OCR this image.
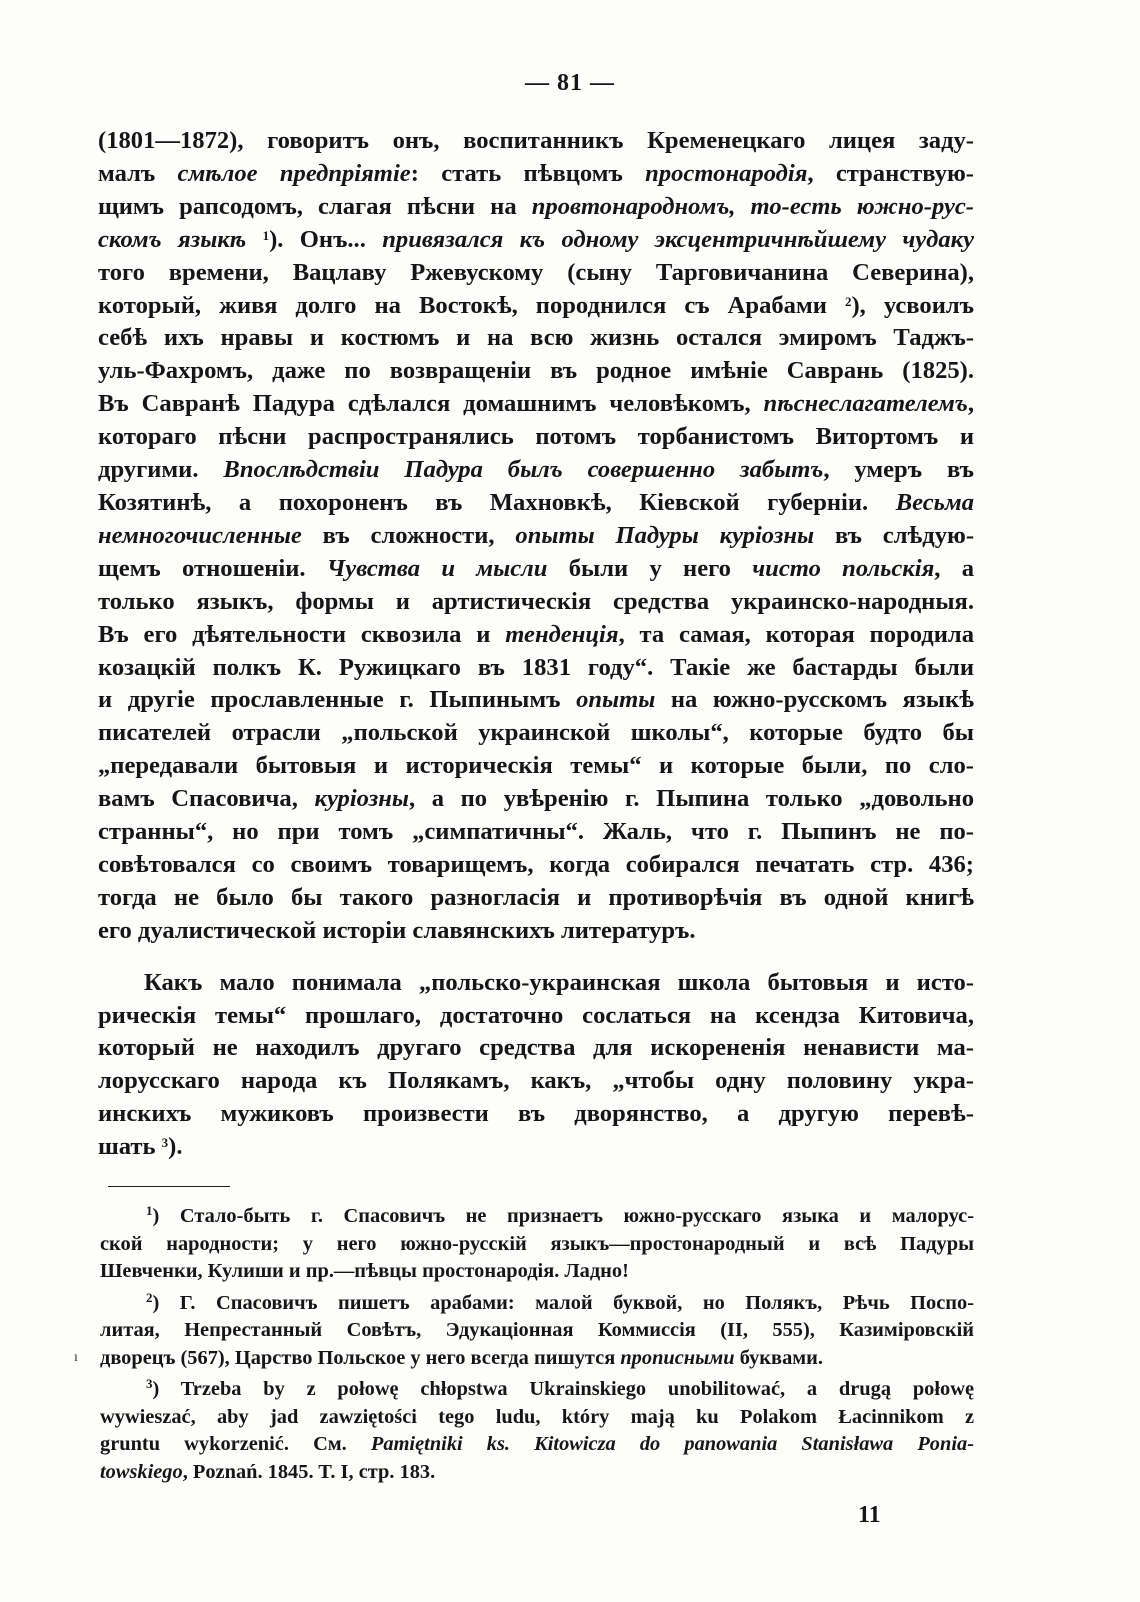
— 81 —
(1801—1872), говоритъ онъ, воспитанникъ Кременецкаго лицея заду-
малъ смѣлое предпріятіе: стать пѣвцомъ простонародія, странствую-
щимъ рапсодомъ, слагая пѣсни на провтонародномъ, то-есть южно-рус-
скомъ языкѣ $^1$). Онъ... привязался къ одному эксцентричнѣйшему чудаку
того времени, Вацлаву Ржевускому (сыну Тарговичанина Северина),
который, живя долго на Востокѣ, породнился съ Арабами $^2$), усвоилъ
себѣ ихъ нравы и костюмъ и на всю жизнь остался эмиромъ Таджъ-
уль-Фахромъ, даже по возвращеніи въ родное имѣніе Саврань (1825).
Въ Савранѣ Падура сдѣлался домашнимъ человѣкомъ, пѣснеслагателемъ,
котораго пѣсни распространялись потомъ торбанистомъ Витортомъ и
другими. Впослѣдствіи Падура былъ совершенно забытъ, умеръ въ
Козятинѣ, а похороненъ въ Махновкѣ, Кіевской губерніи. Весьма
немногочисленные въ сложности, опыты Падуры куріозны въ слѣдую-
щемъ отношеніи. Чувства и мысли были у него чисто польскія, а
только языкъ, формы и артистическія средства украинско-народныя.
Въ его дѣятельности сквозила и тенденція, та самая, которая породила
козацкій полкъ К. Ружицкаго въ 1831 году“. Такіе же бастарды были
и другіе прославленные г. Пыпинымъ опыты на южно-русскомъ языкѣ
писателей отрасли „польской украинской школы“, которые будто бы
„передавали бытовыя и историческія темы“ и которые были, по сло-
вамъ Спасовича, куріозны, а по увѣренію г. Пыпина только „довольно
странны“, но при томъ „симпатичны“. Жаль, что г. Пыпинъ не по-
совѣтовался со своимъ товарищемъ, когда собирался печатать стр. 436;
тогда не было бы такого разногласія и противорѣчія въ одной книгѣ
его дуалистической исторіи славянскихъ литературъ.
Какъ мало понимала „польско-украинская школа бытовыя и исто-
рическія темы“ прошлаго, достаточно сослаться на ксендза Китовича,
который не находилъ другаго средства для искорененія ненависти ма-
лорусскаго народа къ Полякамъ, какъ, „чтобы одну половину укра-
инскихъ мужиковъ произвести въ дворянство, а другую перевѣ-
шать $^3$).
$^1$) Стало-быть г. Спасовичъ не признаетъ южно-русскаго языка и малорус-
ской народности; у него южно-русскій языкъ—простонародный и всѣ Падуры
Шевченки, Кулиши и пр.—пѣвцы простонародія. Ладно!
$^2$) Г. Спасовичъ пишетъ арабами: малой буквой, но Полякъ, Рѣчь Поспо-
литая, Непрестанный Совѣтъ, Эдукаціонная Коммиссія (II, 555), Казиміровскій
дворецъ (567), Царство Польское у него всегда пишутся прописными буквами.
$^3$) Trzeba by z połowę chłopstwa Ukrainskiego unobilitować, a drugą połowę
wywieszać, aby jad zawziętości tego ludu, który mają ku Polakom Łacinnikom z
gruntu wykorzenić. См. Pamiętniki ks. Kitowicza do panowania Stanisława Ponia-
towskiego, Poznań. 1845. T. I, стр. 183.
ı
11
